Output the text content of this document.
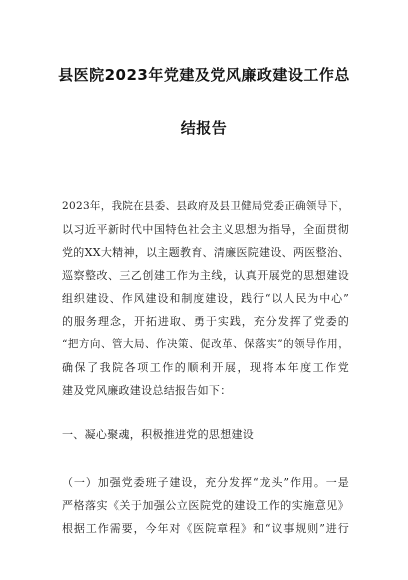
县医院2023年党建及党风廉政建设工作总
结报告
2023年，我院在县委、县政府及县卫健局党委正确领导下，
以习近平新时代中国特色社会主义思想为指导，全面贯彻
党的XX大精神，以主题教育、清廉医院建设、两医整治、
巡察整改、三乙创建工作为主线，认真开展党的思想建设
组织建设、作风建设和制度建设，践行“以人民为中心”
的服务理念，开拓进取、勇于实践，充分发挥了党委的
“把方向、管大局、作决策、促改革、保落实”的领导作用，
确保了我院各项工作的顺利开展，现将本年度工作党
建及党风廉政建设总结报告如下：
一、凝心聚魂，积极推进党的思想建设
（一）加强党委班子建设，充分发挥“龙头”作用。一是
严格落实《关于加强公立医院党的建设工作的实施意见》
根据工作需要，今年对《医院章程》和“议事规则”进行
